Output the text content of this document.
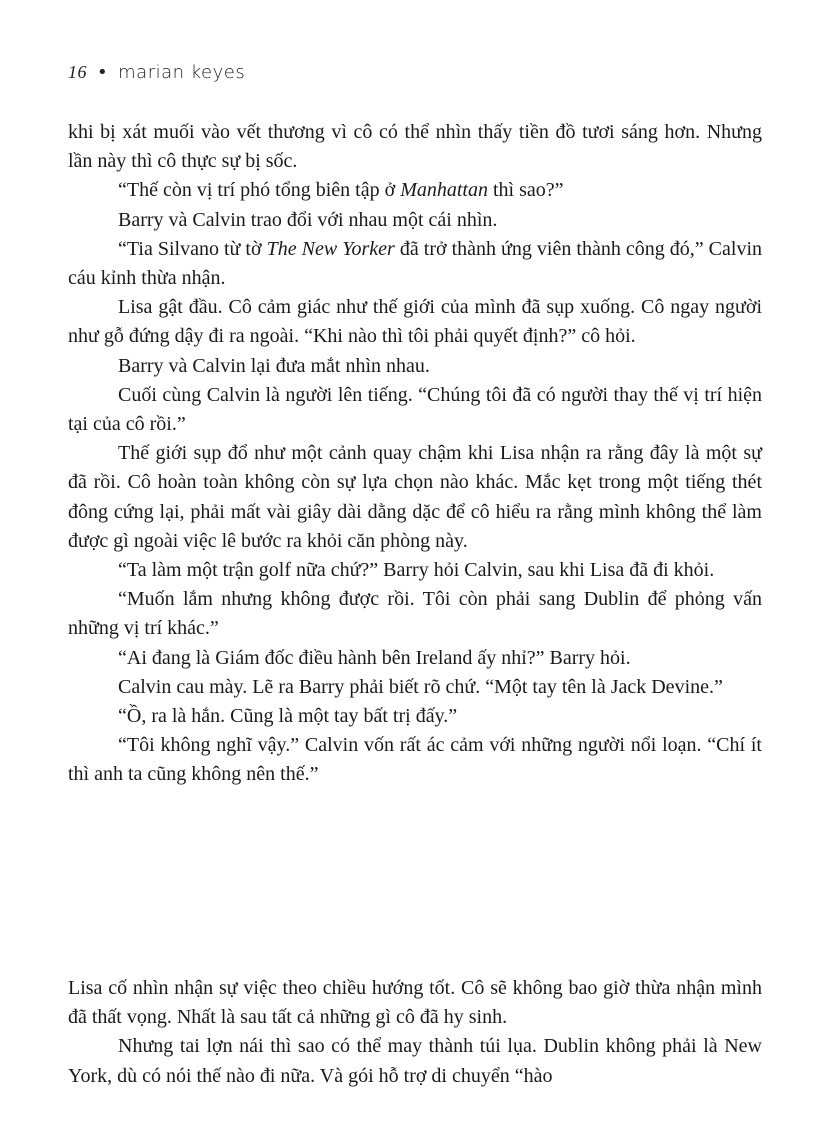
16 • marian keyes

khi bị xát muối vào vết thương vì cô có thể nhìn thấy tiền đồ tươi sáng hơn. Nhưng lần này thì cô thực sự bị sốc.

“Thế còn vị trí phó tổng biên tập ở Manhattan thì sao?”

Barry và Calvin trao đổi với nhau một cái nhìn.

“Tia Silvano từ tờ The New Yorker đã trở thành ứng viên thành công đó,” Calvin cáu kỉnh thừa nhận.

Lisa gật đầu. Cô cảm giác như thế giới của mình đã sụp xuống. Cô ngay người như gỗ đứng dậy đi ra ngoài. “Khi nào thì tôi phải quyết định?” cô hỏi.

Barry và Calvin lại đưa mắt nhìn nhau.

Cuối cùng Calvin là người lên tiếng. “Chúng tôi đã có người thay thế vị trí hiện tại của cô rồi.”

Thế giới sụp đổ như một cảnh quay chậm khi Lisa nhận ra rằng đây là một sự đã rồi. Cô hoàn toàn không còn sự lựa chọn nào khác. Mắc kẹt trong một tiếng thét đông cứng lại, phải mất vài giây dài dằng dặc để cô hiểu ra rằng mình không thể làm được gì ngoài việc lê bước ra khỏi căn phòng này.

“Ta làm một trận golf nữa chứ?” Barry hỏi Calvin, sau khi Lisa đã đi khỏi.

“Muốn lắm nhưng không được rồi. Tôi còn phải sang Dublin để phỏng vấn những vị trí khác.”

“Ai đang là Giám đốc điều hành bên Ireland ấy nhỉ?” Barry hỏi.

Calvin cau mày. Lẽ ra Barry phải biết rõ chứ. “Một tay tên là Jack Devine.”

“Ồ, ra là hắn. Cũng là một tay bất trị đấy.”

“Tôi không nghĩ vậy.” Calvin vốn rất ác cảm với những người nổi loạn. “Chí ít thì anh ta cũng không nên thế.”

Lisa cố nhìn nhận sự việc theo chiều hướng tốt. Cô sẽ không bao giờ thừa nhận mình đã thất vọng. Nhất là sau tất cả những gì cô đã hy sinh.

Nhưng tai lợn nái thì sao có thể may thành túi lụa. Dublin không phải là New York, dù có nói thế nào đi nữa. Và gói hỗ trợ di chuyển “hào
